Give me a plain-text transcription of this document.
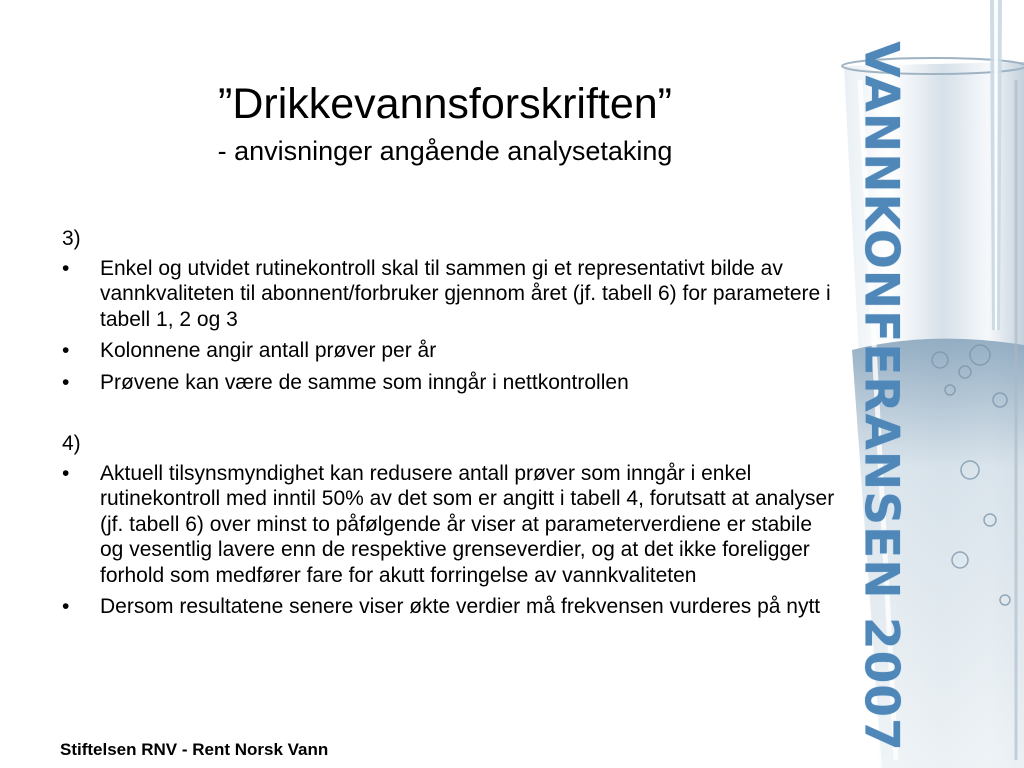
”Drikkevannsforskriften”
- anvisninger angående analysetaking

3)

•	Enkel og utvidet rutinekontroll skal til sammen gi et representativt bilde av vannkvaliteten til abonnent/forbruker gjennom året (jf. tabell 6) for parametere i tabell 1, 2 og 3
•	Kolonnene angir antall prøver per år
•	Prøvene kan være de samme som inngår i nettkontrollen

4)

•	Aktuell tilsynsmyndighet kan redusere antall prøver som inngår i enkel rutinekontroll med inntil 50% av det som er angitt i tabell 4, forutsatt at analyser (jf. tabell 6) over minst to påfølgende år viser at parameterverdiene er stabile og vesentlig lavere enn de respektive grenseverdier, og at det ikke foreligger forhold som medfører fare for akutt forringelse av vannkvaliteten
•	Dersom resultatene senere viser økte verdier må frekvensen vurderes på nytt
Stiftelsen RNV - Rent Norsk Vann	VANNKONFERANSEN 2007
